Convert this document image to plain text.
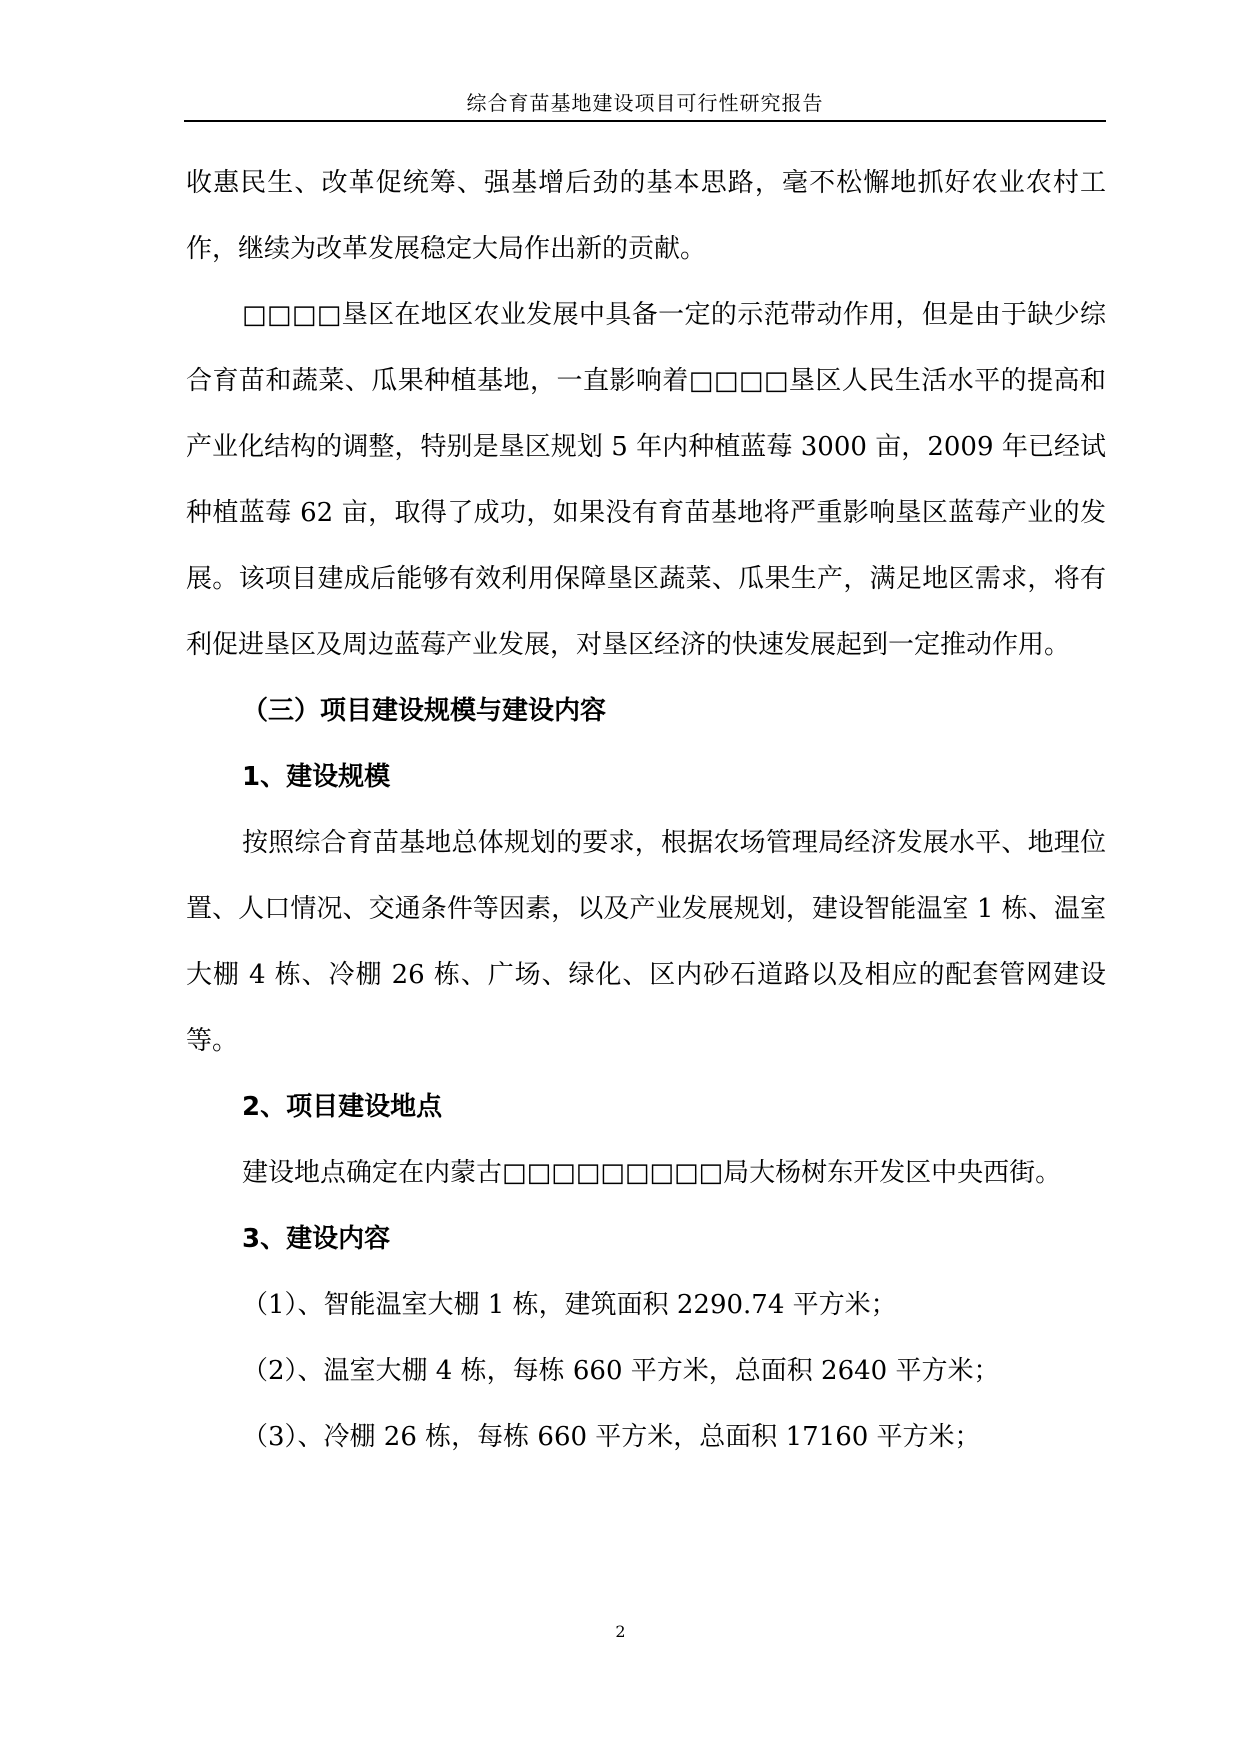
综合育苗基地建设项目可行性研究报告

收惠民生、改革促统筹、强基增后劲的基本思路，毫不松懈地抓好农业农村工作，继续为改革发展稳定大局作出新的贡献。

□□□□垦区在地区农业发展中具备一定的示范带动作用，但是由于缺少综合育苗和蔬菜、瓜果种植基地，一直影响着□□□□垦区人民生活水平的提高和产业化结构的调整，特别是垦区规划 5 年内种植蓝莓 3000 亩，2009 年已经试种植蓝莓 62 亩，取得了成功，如果没有育苗基地将严重影响垦区蓝莓产业的发展。该项目建成后能够有效利用保障垦区蔬菜、瓜果生产，满足地区需求，将有利促进垦区及周边蓝莓产业发展，对垦区经济的快速发展起到一定推动作用。

（三）项目建设规模与建设内容

1、建设规模

按照综合育苗基地总体规划的要求，根据农场管理局经济发展水平、地理位置、人口情况、交通条件等因素，以及产业发展规划，建设智能温室 1 栋、温室大棚 4 栋、冷棚 26 栋、广场、绿化、区内砂石道路以及相应的配套管网建设等。

2、项目建设地点

建设地点确定在内蒙古□□□□□□□□□局大杨树东开发区中央西街。

3、建设内容

（1）、智能温室大棚 1 栋，建筑面积 2290.74 平方米；

（2）、温室大棚 4 栋，每栋 660 平方米，总面积 2640 平方米；

（3）、冷棚 26 栋，每栋 660 平方米，总面积 17160 平方米；

2
